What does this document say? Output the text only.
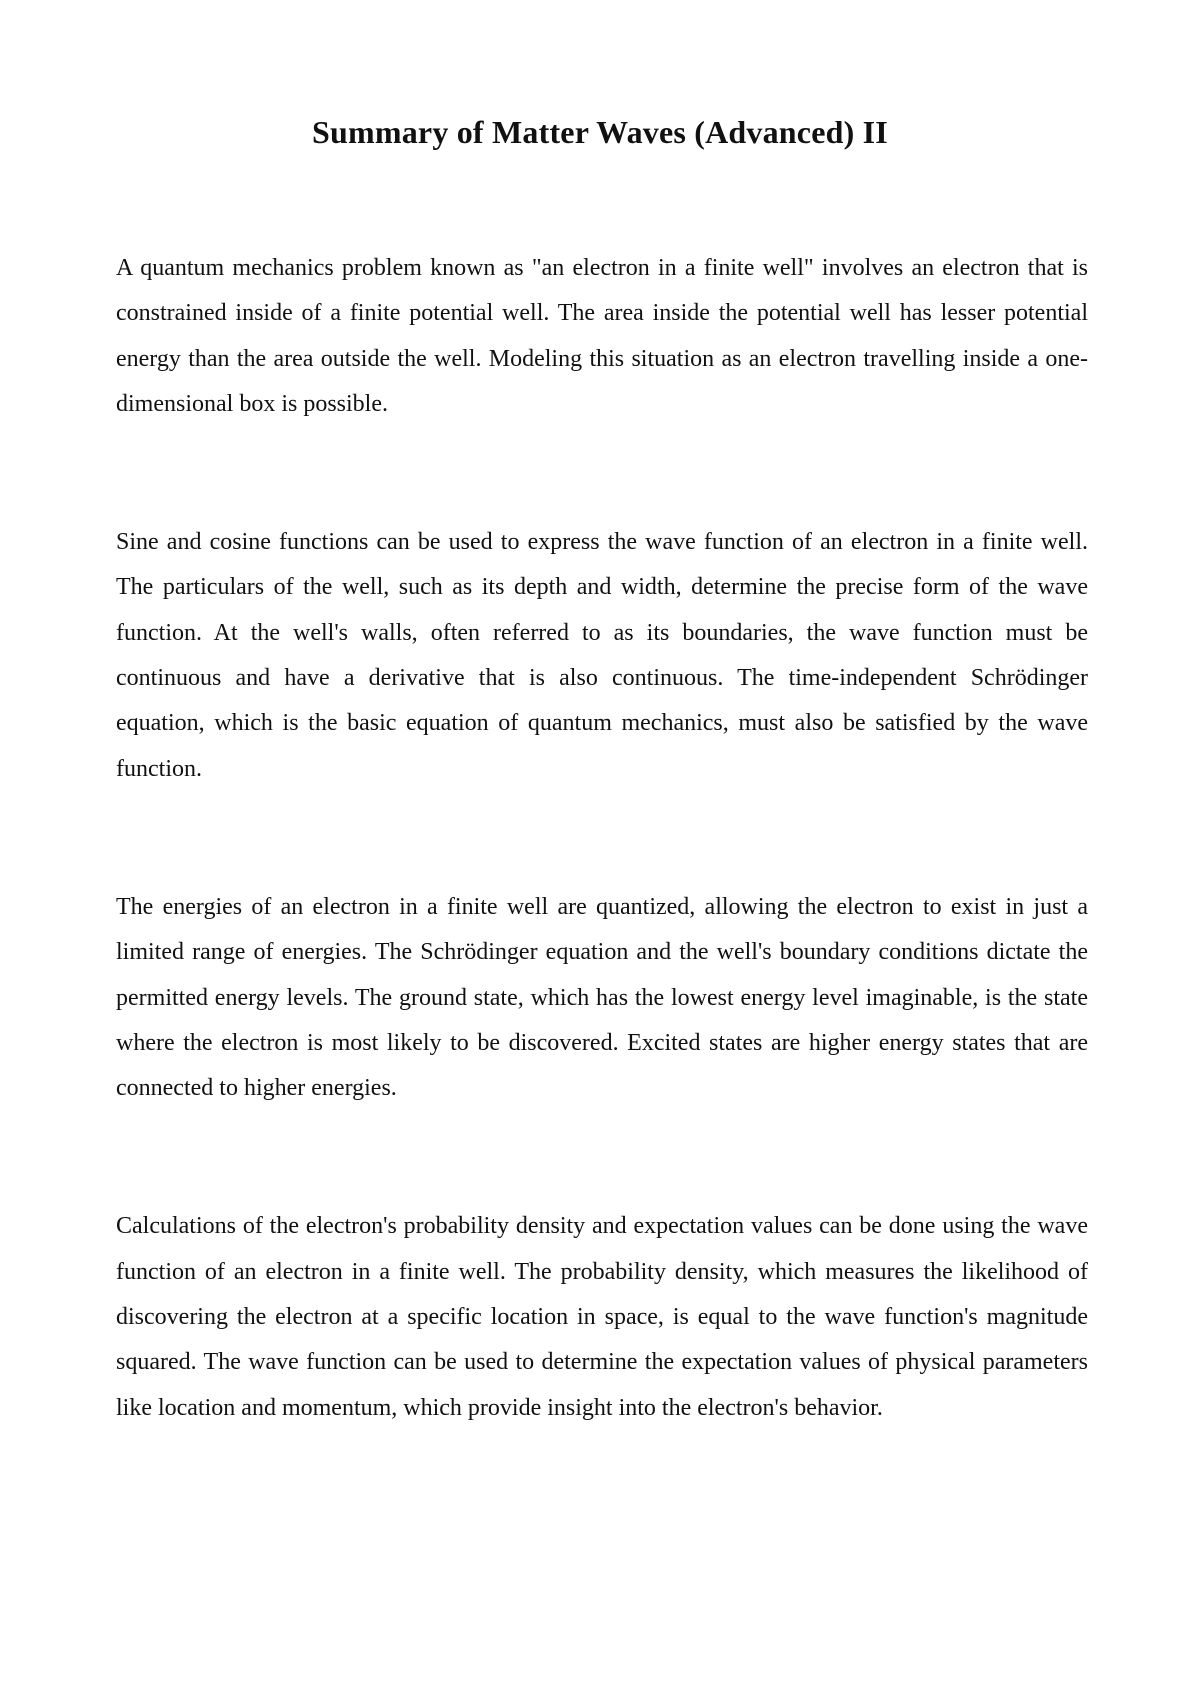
Summary of Matter Waves (Advanced) II

A quantum mechanics problem known as "an electron in a finite well" involves an electron that is constrained inside of a finite potential well. The area inside the potential well has lesser potential energy than the area outside the well. Modeling this situation as an electron travelling inside a one-dimensional box is possible.

Sine and cosine functions can be used to express the wave function of an electron in a finite well. The particulars of the well, such as its depth and width, determine the precise form of the wave function. At the well's walls, often referred to as its boundaries, the wave function must be continuous and have a derivative that is also continuous. The time-independent Schrödinger equation, which is the basic equation of quantum mechanics, must also be satisfied by the wave function.

The energies of an electron in a finite well are quantized, allowing the electron to exist in just a limited range of energies. The Schrödinger equation and the well's boundary conditions dictate the permitted energy levels. The ground state, which has the lowest energy level imaginable, is the state where the electron is most likely to be discovered. Excited states are higher energy states that are connected to higher energies.

Calculations of the electron's probability density and expectation values can be done using the wave function of an electron in a finite well. The probability density, which measures the likelihood of discovering the electron at a specific location in space, is equal to the wave function's magnitude squared. The wave function can be used to determine the expectation values of physical parameters like location and momentum, which provide insight into the electron's behavior.
